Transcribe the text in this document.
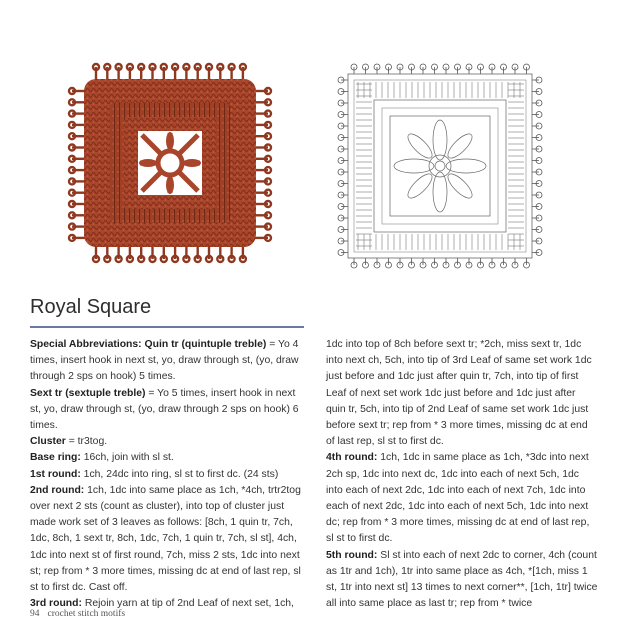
Royal Square

Special Abbreviations: Quin tr (quintuple treble) = Yo 4 times, insert hook in next st, yo, draw through st, (yo, draw through 2 sps on hook) 5 times.

Sext tr (sextuple treble) = Yo 5 times, insert hook in next st, yo, draw through st, (yo, draw through 2 sps on hook) 6 times.

Cluster = tr3tog.

Base ring: 16ch, join with sl st.

1st round: 1ch, 24dc into ring, sl st to first dc. (24 sts)

2nd round: 1ch, 1dc into same place as 1ch, *4ch, trtr2tog over next 2 sts (count as cluster), into top of cluster just made work set of 3 leaves as follows: [8ch, 1 quin tr, 7ch, 1dc, 8ch, 1 sext tr, 8ch, 1dc, 7ch, 1 quin tr, 7ch, sl st], 4ch, 1dc into next st of first round, 7ch, miss 2 sts, 1dc into next st; rep from * 3 more times, missing dc at end of last rep, sl st to first dc. Cast off.

3rd round: Rejoin yarn at tip of 2nd Leaf of next set, 1ch,

1dc into top of 8ch before sext tr; *2ch, miss sext tr, 1dc into next ch, 5ch, into tip of 3rd Leaf of same set work 1dc just before and 1dc just after quin tr, 7ch, into tip of first Leaf of next set work 1dc just before and 1dc just after quin tr, 5ch, into tip of 2nd Leaf of same set work 1dc just before sext tr; rep from * 3 more times, missing dc at end of last rep, sl st to first dc.

4th round: 1ch, 1dc in same place as 1ch, *3dc into next 2ch sp, 1dc into next dc, 1dc into each of next 5ch, 1dc into each of next 2dc, 1dc into each of next 7ch, 1dc into each of next 2dc, 1dc into each of next 5ch, 1dc into next dc; rep from * 3 more times, missing dc at end of last rep, sl st to first dc.

5th round: Sl st into each of next 2dc to corner, 4ch (count as 1tr and 1ch), 1tr into same place as 4ch, *[1ch, miss 1 st, 1tr into next st] 13 times to next corner**, [1ch, 1tr] twice all into same place as last tr; rep from * twice

94 crochet stitch motifs
